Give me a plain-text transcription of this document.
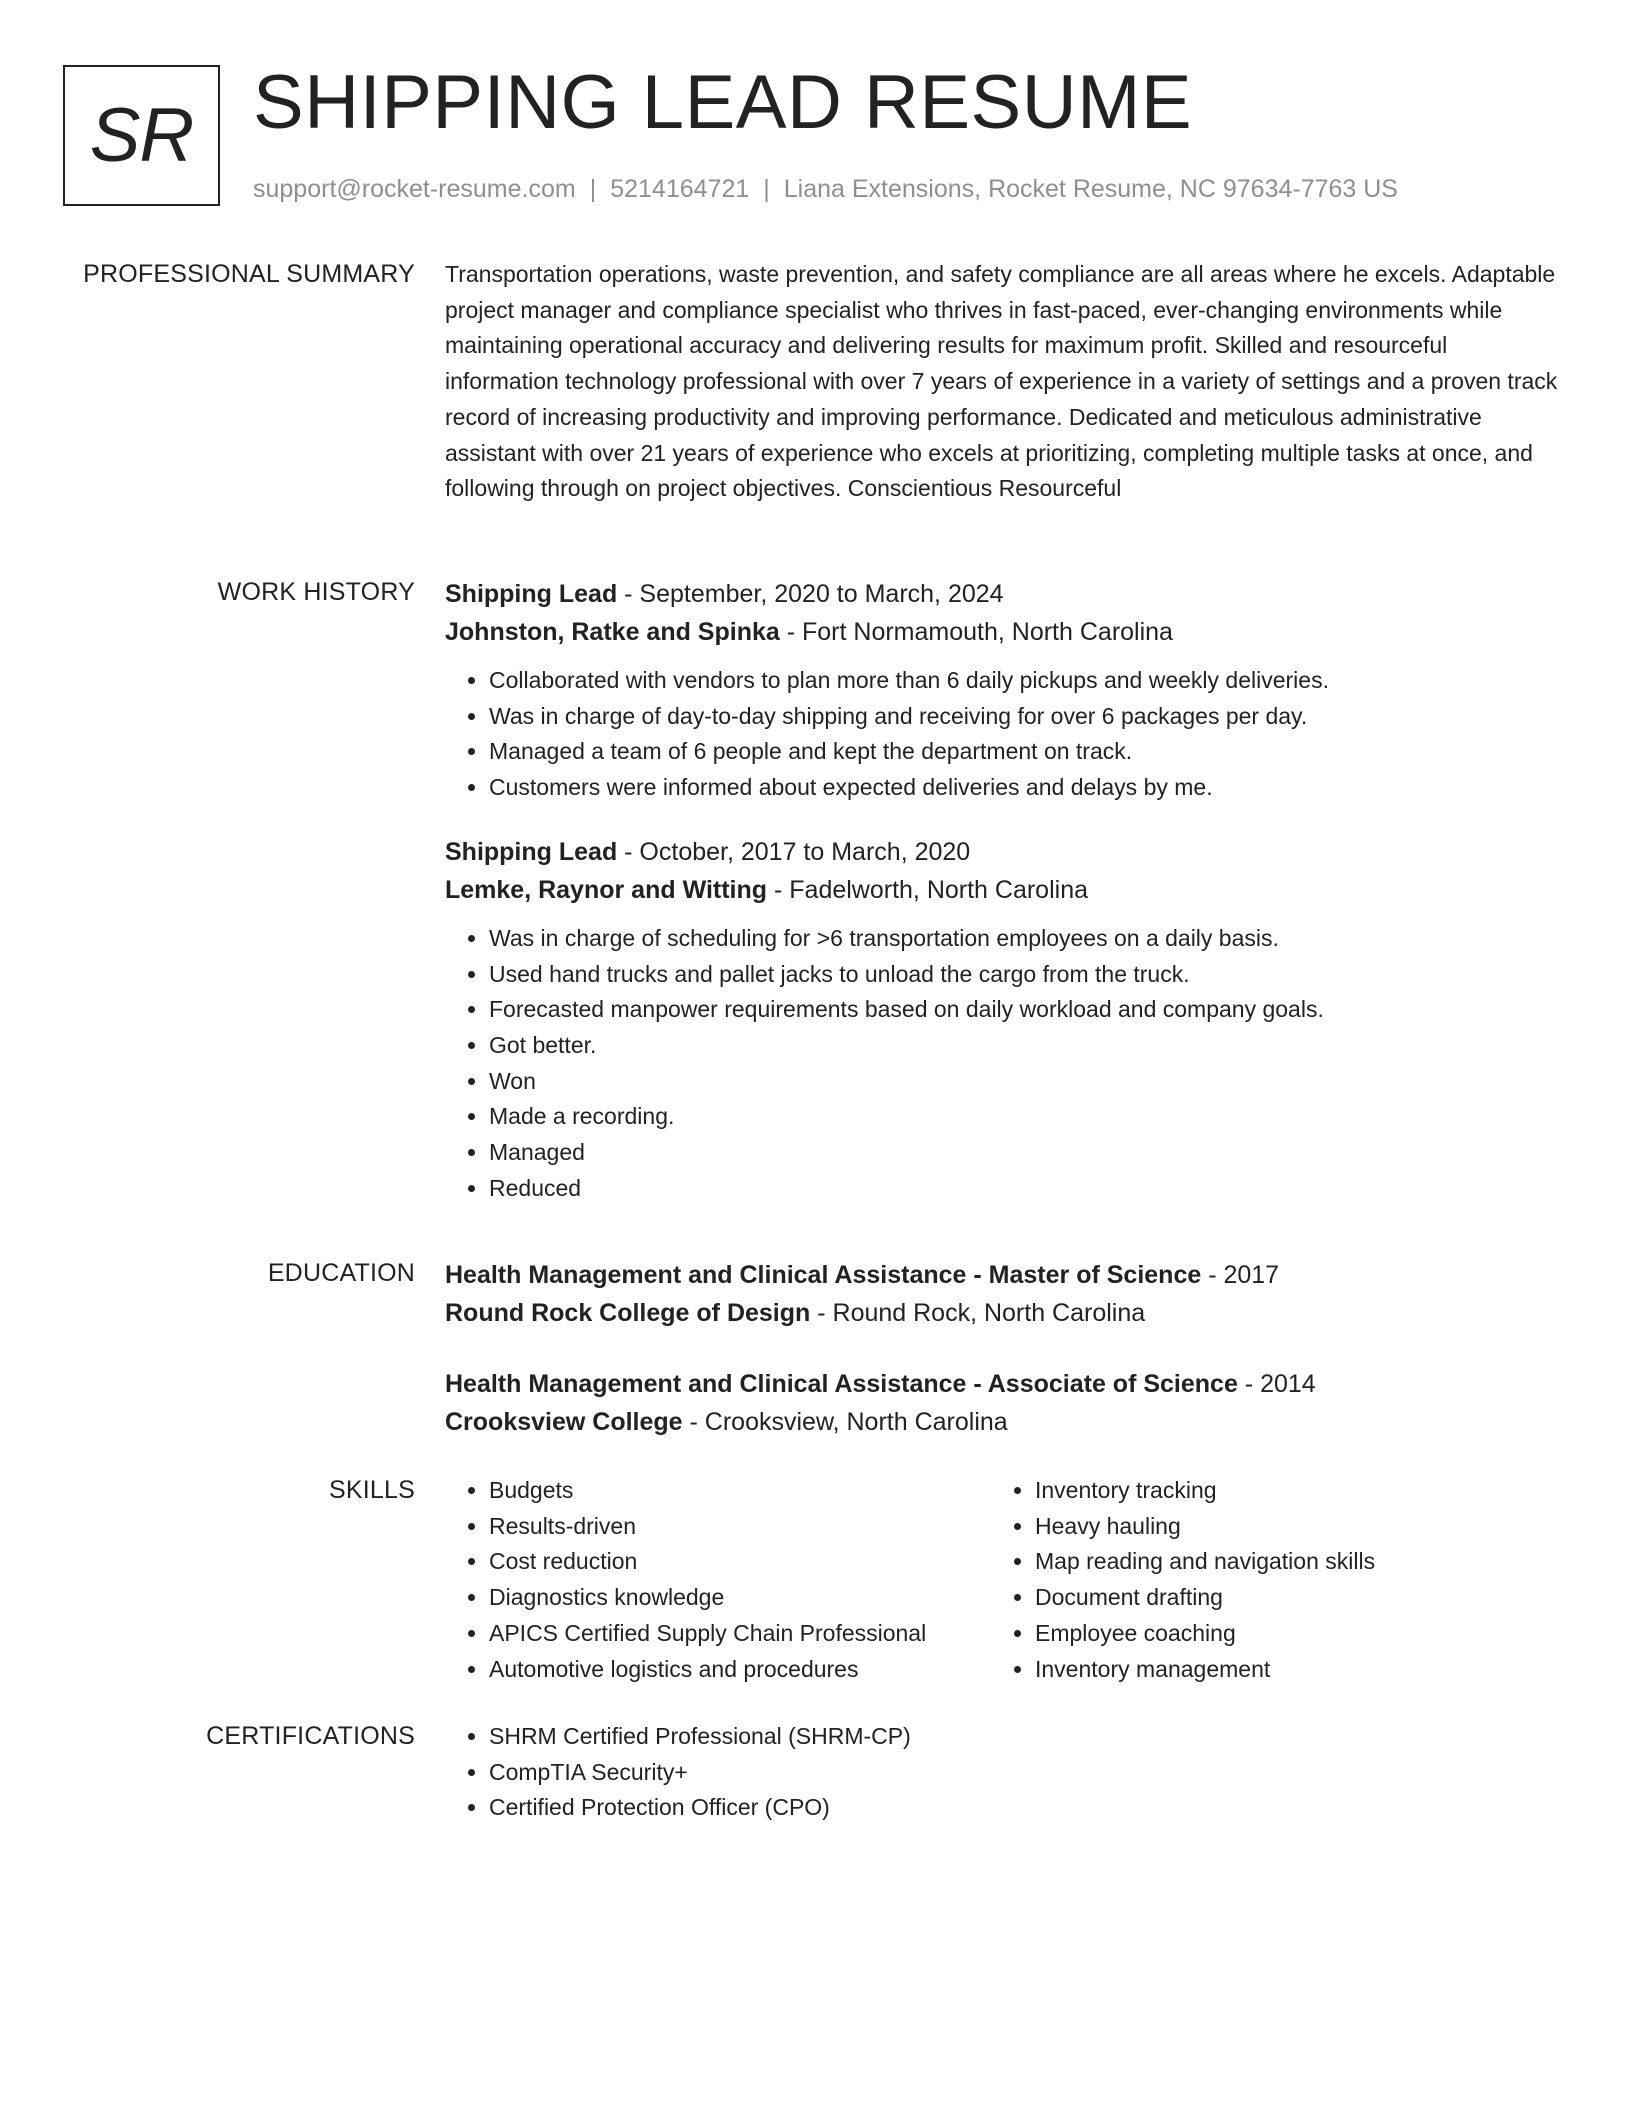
SR SHIPPING LEAD RESUME
support@rocket-resume.com | 5214164721 | Liana Extensions, Rocket Resume, NC 97634-7763 US
PROFESSIONAL SUMMARY Transportation operations, waste prevention, and safety compliance are all areas where he excels. Adaptable project manager and compliance specialist who thrives in fast-paced, ever-changing environments while maintaining operational accuracy and delivering results for maximum profit. Skilled and resourceful information technology professional with over 7 years of experience in a variety of settings and a proven track record of increasing productivity and improving performance. Dedicated and meticulous administrative assistant with over 21 years of experience who excels at prioritizing, completing multiple tasks at once, and following through on project objectives. Conscientious Resourceful

WORK HISTORY Shipping Lead - September, 2020 to March, 2024
Johnston, Ratke and Spinka - Fort Normamouth, North Carolina
• Collaborated with vendors to plan more than 6 daily pickups and weekly deliveries.
• Was in charge of day-to-day shipping and receiving for over 6 packages per day.
• Managed a team of 6 people and kept the department on track.
• Customers were informed about expected deliveries and delays by me.
Shipping Lead - October, 2017 to March, 2020
Lemke, Raynor and Witting - Fadelworth, North Carolina
• Was in charge of scheduling for >6 transportation employees on a daily basis.
• Used hand trucks and pallet jacks to unload the cargo from the truck.
• Forecasted manpower requirements based on daily workload and company goals.
• Got better.
• Won
• Made a recording.
• Managed
• Reduced
EDUCATION Health Management and Clinical Assistance - Master of Science - 2017
Round Rock College of Design - Round Rock, North Carolina
Health Management and Clinical Assistance - Associate of Science - 2014
Crooksview College - Crooksview, North Carolina
SKILLS	• Budgets
• Results-driven
• Cost reduction
• Diagnostics knowledge
• APICS Certified Supply Chain Professional
• Automotive logistics and procedures
• Inventory tracking
• Heavy hauling
• Map reading and navigation skills
• Document drafting
• Employee coaching
• Inventory management
CERTIFICATIONS	• SHRM Certified Professional (SHRM-CP)
• CompTIA Security+
• Certified Protection Officer (CPO)
